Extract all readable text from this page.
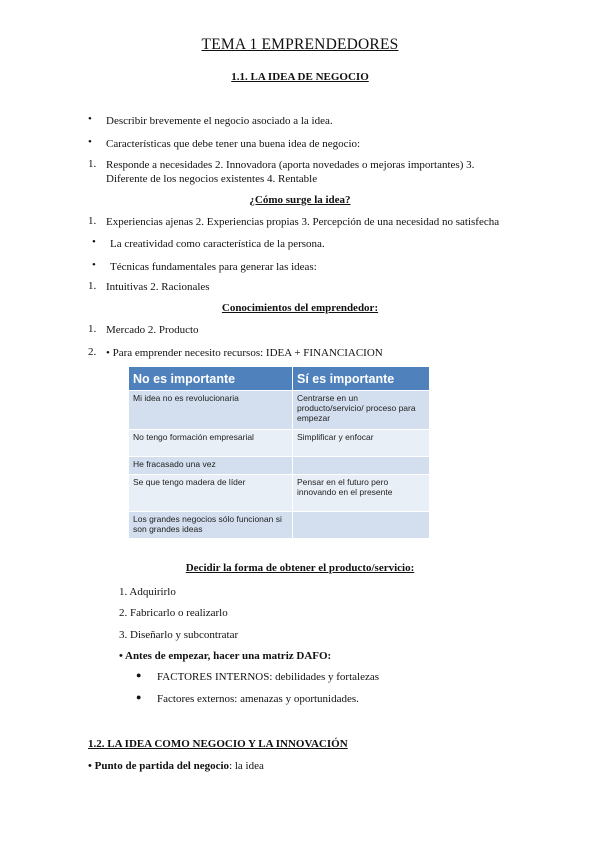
TEMA 1 EMPRENDEDORES
1.1. LA IDEA DE NEGOCIO
• Describir brevemente el negocio asociado a la idea.
• Características que debe tener una buena idea de negocio:
1. Responde a necesidades 2. Innovadora (aporta novedades o mejoras importantes) 3.
Diferente de los negocios existentes 4. Rentable
¿Cómo surge la idea?
1. Experiencias ajenas 2. Experiencias propias 3. Percepción de una necesidad no satisfecha
• La creatividad como característica de la persona.
• Técnicas fundamentales para generar las ideas:
1. Intuitivas 2. Racionales
Conocimientos del emprendedor:
1. Mercado 2. Producto
2. • Para emprender necesito recursos: IDEA + FINANCIACION
No es importante	Sí es importante
Mi idea no es revolucionaria	Centrarse en un producto/servicio/ proceso para empezar
No tengo formación empresarial	Simplificar y enfocar
He fracasado una vez	
Se que tengo madera de líder	Pensar en el futuro pero innovando en el presente
Los grandes negocios sólo funcionan si son grandes ideas	
Decidir la forma de obtener el producto/servicio:
1. Adquirirlo
2. Fabricarlo o realizarlo
3. Diseñarlo y subcontratar
• Antes de empezar, hacer una matriz DAFO:
● FACTORES INTERNOS: debilidades y fortalezas
● Factores externos: amenazas y oportunidades.
1.2. LA IDEA COMO NEGOCIO Y LA INNOVACIÓN
• Punto de partida del negocio: la idea
